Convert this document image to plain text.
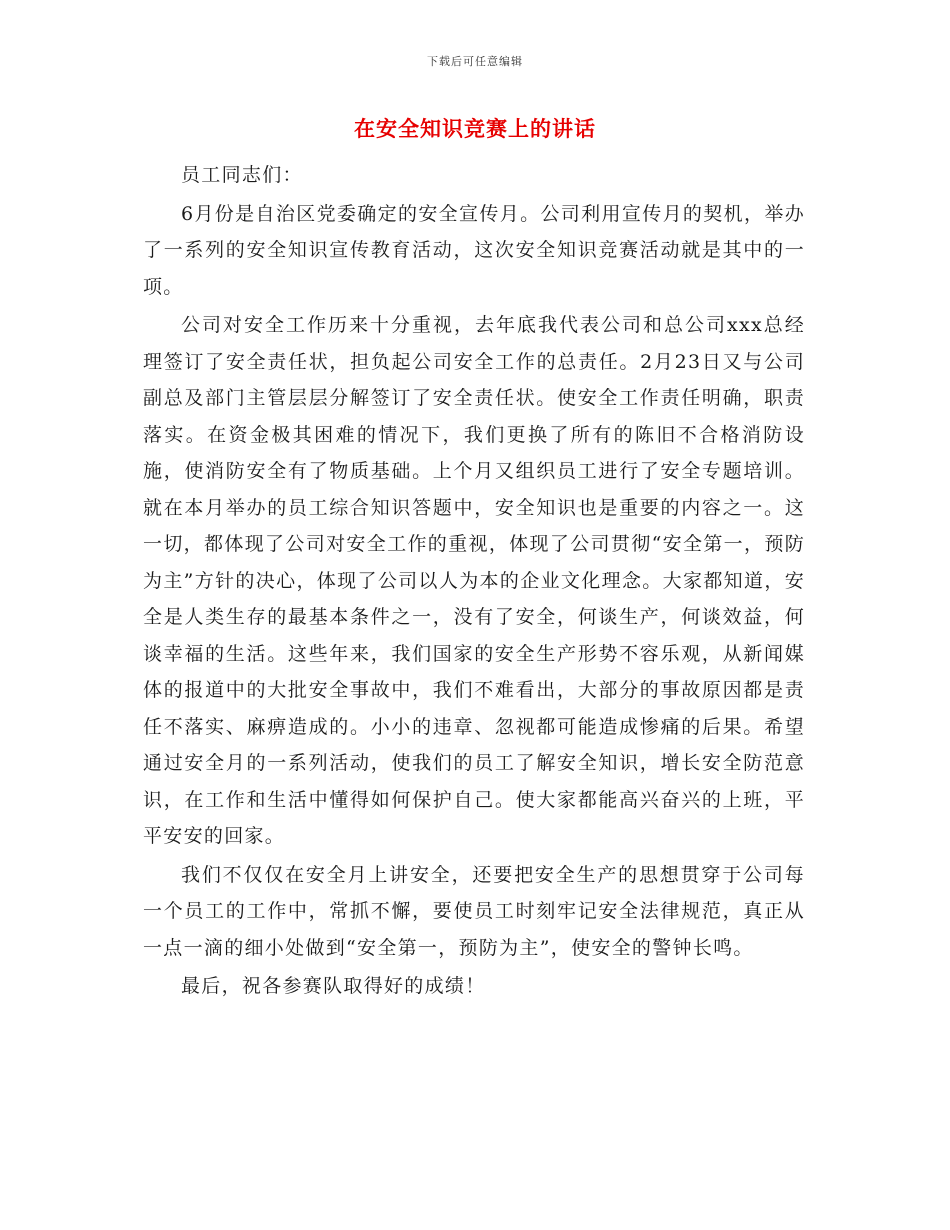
下载后可任意编辑
在安全知识竞赛上的讲话

员工同志们：

6月份是自治区党委确定的安全宣传月。公司利用宣传月的契机，举办了一系列的安全知识宣传教育活动，这次安全知识竞赛活动就是其中的一项。

公司对安全工作历来十分重视，去年底我代表公司和总公司xxx总经理签订了安全责任状，担负起公司安全工作的总责任。2月23日又与公司副总及部门主管层层分解签订了安全责任状。使安全工作责任明确，职责落实。在资金极其困难的情况下，我们更换了所有的陈旧不合格消防设施，使消防安全有了物质基础。上个月又组织员工进行了安全专题培训。就在本月举办的员工综合知识答题中，安全知识也是重要的内容之一。这一切，都体现了公司对安全工作的重视，体现了公司贯彻“安全第一，预防为主”方针的决心，体现了公司以人为本的企业文化理念。大家都知道，安全是人类生存的最基本条件之一，没有了安全，何谈生产，何谈效益，何谈幸福的生活。这些年来，我们国家的安全生产形势不容乐观，从新闻媒体的报道中的大批安全事故中，我们不难看出，大部分的事故原因都是责任不落实、麻痹造成的。小小的违章、忽视都可能造成惨痛的后果。希望通过安全月的一系列活动，使我们的员工了解安全知识，增长安全防范意识，在工作和生活中懂得如何保护自己。使大家都能高兴奋兴的上班，平平安安的回家。

我们不仅仅在安全月上讲安全，还要把安全生产的思想贯穿于公司每一个员工的工作中，常抓不懈，要使员工时刻牢记安全法律规范，真正从一点一滴的细小处做到“安全第一，预防为主”，使安全的警钟长鸣。

最后，祝各参赛队取得好的成绩！
